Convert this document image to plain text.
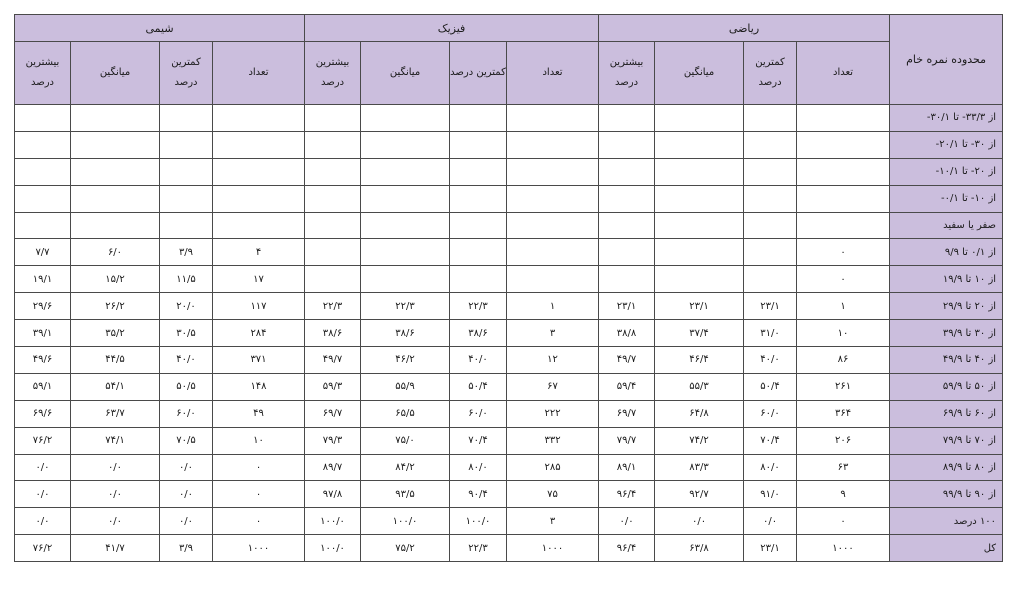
شیمی				فیزیک				ریاضی				محدوده نمره خام
بیشترین درصد	میانگین	کمترین درصد	تعداد	بیشترین درصد	میانگین	کمترین درصد	تعداد	بیشترین درصد	میانگین	کمترین درصد	تعداد	
												از ۳۳/۳- تا ۳۰/۱-
												از ۳۰- تا ۲۰/۱-
												از ۲۰- تا ۱۰/۱-
												از ۱۰- تا ۰/۱-
												صفر یا سفید
۷/۷	۶/۰	۳/۹	۴								۰	از ۰/۱ تا ۹/۹
۱۹/۱	۱۵/۲	۱۱/۵	۱۷								۰	از ۱۰ تا ۱۹/۹
۲۹/۶	۲۶/۲	۲۰/۰	۱۱۷	۲۲/۳	۲۲/۳	۲۲/۳	۱	۲۳/۱	۲۳/۱	۲۳/۱	۱	از ۲۰ تا ۲۹/۹
۳۹/۱	۳۵/۲	۳۰/۵	۲۸۴	۳۸/۶	۳۸/۶	۳۸/۶	۳	۳۸/۸	۳۷/۴	۳۱/۰	۱۰	از ۳۰ تا ۳۹/۹
۴۹/۶	۴۴/۵	۴۰/۰	۳۷۱	۴۹/۷	۴۶/۲	۴۰/۰	۱۲	۴۹/۷	۴۶/۴	۴۰/۰	۸۶	از ۴۰ تا ۴۹/۹
۵۹/۱	۵۴/۱	۵۰/۵	۱۴۸	۵۹/۳	۵۵/۹	۵۰/۴	۶۷	۵۹/۴	۵۵/۳	۵۰/۴	۲۶۱	از ۵۰ تا ۵۹/۹
۶۹/۶	۶۳/۷	۶۰/۰	۴۹	۶۹/۷	۶۵/۵	۶۰/۰	۲۲۲	۶۹/۷	۶۴/۸	۶۰/۰	۳۶۴	از ۶۰ تا ۶۹/۹
۷۶/۲	۷۴/۱	۷۰/۵	۱۰	۷۹/۳	۷۵/۰	۷۰/۴	۳۳۲	۷۹/۷	۷۴/۲	۷۰/۴	۲۰۶	از ۷۰ تا ۷۹/۹
۰/۰	۰/۰	۰/۰	۰	۸۹/۷	۸۴/۲	۸۰/۰	۲۸۵	۸۹/۱	۸۳/۳	۸۰/۰	۶۳	از ۸۰ تا ۸۹/۹
۰/۰	۰/۰	۰/۰	۰	۹۷/۸	۹۳/۵	۹۰/۴	۷۵	۹۶/۴	۹۲/۷	۹۱/۰	۹	از ۹۰ تا ۹۹/۹
۰/۰	۰/۰	۰/۰	۰	۱۰۰/۰	۱۰۰/۰	۱۰۰/۰	۳	۰/۰	۰/۰	۰/۰	۰	۱۰۰ درصد
۷۶/۲	۴۱/۷	۳/۹	۱۰۰۰	۱۰۰/۰	۷۵/۲	۲۲/۳	۱۰۰۰	۹۶/۴	۶۳/۸	۲۳/۱	۱۰۰۰	کل
